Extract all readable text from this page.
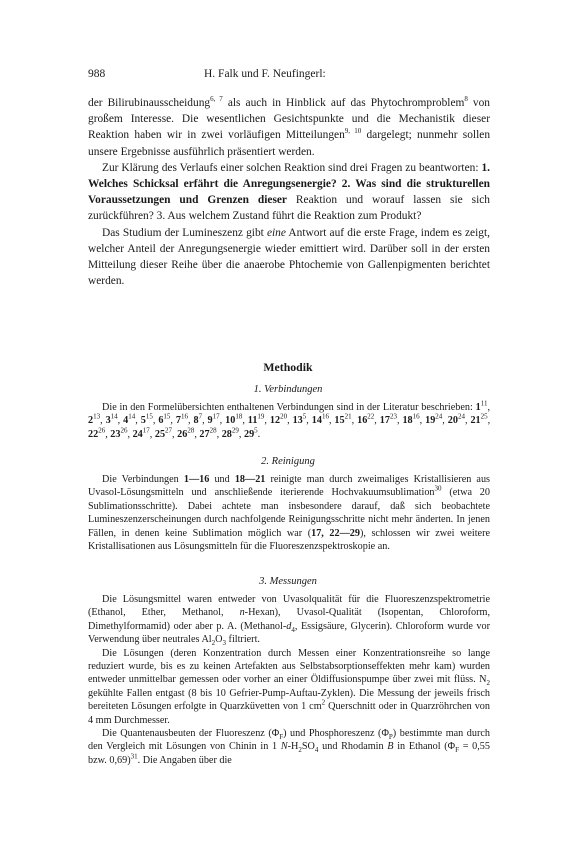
988	H. Falk und F. Neufingerl:

der Bilirubinausscheidung$^{6, 7}$ als auch in Hinblick auf das Phytochromproblem$^8$ von großem Interesse. Die wesentlichen Gesichtspunkte und die Mechanistik dieser Reaktion haben wir in zwei vorläufigen Mitteilungen$^{9, 10}$ dargelegt; nunmehr sollen unsere Ergebnisse ausführlich präsentiert werden.

Zur Klärung des Verlaufs einer solchen Reaktion sind drei Fragen zu beantworten: 1. Welches Schicksal erfährt die Anregungsenergie? 2. Was sind die strukturellen Voraussetzungen und Grenzen dieser Reaktion und worauf lassen sie sich zurückführen? 3. Aus welchem Zustand führt die Reaktion zum Produkt?

Das Studium der Lumineszenz gibt eine Antwort auf die erste Frage, indem es zeigt, welcher Anteil der Anregungsenergie wieder emittiert wird. Darüber soll in der ersten Mitteilung dieser Reihe über die anaerobe Phtochemie von Gallenpigmenten berichtet werden.

Methodik
1. Verbindungen

Die in den Formelübersichten enthaltenen Verbindungen sind in der Literatur beschrieben: $1^{11}$, $2^{13}$, $3^{14}$, $4^{14}$, $5^{15}$, $6^{15}$, $7^{16}$, $8^7$, $9^{17}$, $10^{18}$, $11^{19}$, $12^{20}$, $13^5$, $14^{16}$, $15^{21}$, $16^{22}$, $17^{23}$, $18^{16}$, $19^{24}$, $20^{24}$, $21^{25}$, $22^{26}$, $23^{26}$, $24^{17}$, $25^{27}$, $26^{28}$, $27^{28}$, $28^{29}$, $29^5$.

2. Reinigung

Die Verbindungen 1—16 und 18—21 reinigte man durch zweimaliges Kristallisieren aus Uvasol-Lösungsmitteln und anschließende iterierende Hochvakuumsublimation$^{30}$ (etwa 20 Sublimationsschritte). Dabei achtete man insbesondere darauf, daß sich beobachtete Lumineszenzerscheinungen durch nachfolgende Reinigungsschritte nicht mehr änderten. In jenen Fällen, in denen keine Sublimation möglich war (17, 22—29), schlossen wir zwei weitere Kristallisationen aus Lösungsmitteln für die Fluoreszenzspektroskopie an.

3. Messungen

Die Lösungsmittel waren entweder von Uvasolqualität für die Fluoreszenzspektrometrie (Ethanol, Ether, Methanol, n-Hexan), Uvasol-Qualität (Isopentan, Chloroform, Dimethylformamid) oder aber p. A. ($Methanol-d_4$, Essigsäure, Glycerin). Chloroform wurde vor Verwendung über neutrales $Al_2O_3$ filtriert.

Die Lösungen (deren Konzentration durch Messen einer Konzentrationsreihe so lange reduziert wurde, bis es zu keinen Artefakten aus Selbstabsorptionseffekten mehr kam) wurden entweder unmittelbar gemessen oder vorher an einer Öldiffusionspumpe über zwei mit flüss. $N_2$ gekühlte Fallen entgast (8 bis 10 Gefrier-Pump-Auftau-Zyklen). Die Messung der jeweils frisch bereiteten Lösungen erfolgte in Quarzküvetten von 1 $cm^2$ Querschnitt oder in Quarzröhrchen von 4 mm Durchmesser.

Die Quantenausbeuten der Fluoreszenz $(\Phi_F)$ und Phosphoreszenz $(\Phi_P)$ bestimmte man durch den Vergleich mit Lösungen von Chinin in 1 $N-H_2SO_4$ und Rhodamin B in Ethanol ($\Phi_F = 0,55$ bzw. 0,69)$^{31}$. Die Angaben über die
